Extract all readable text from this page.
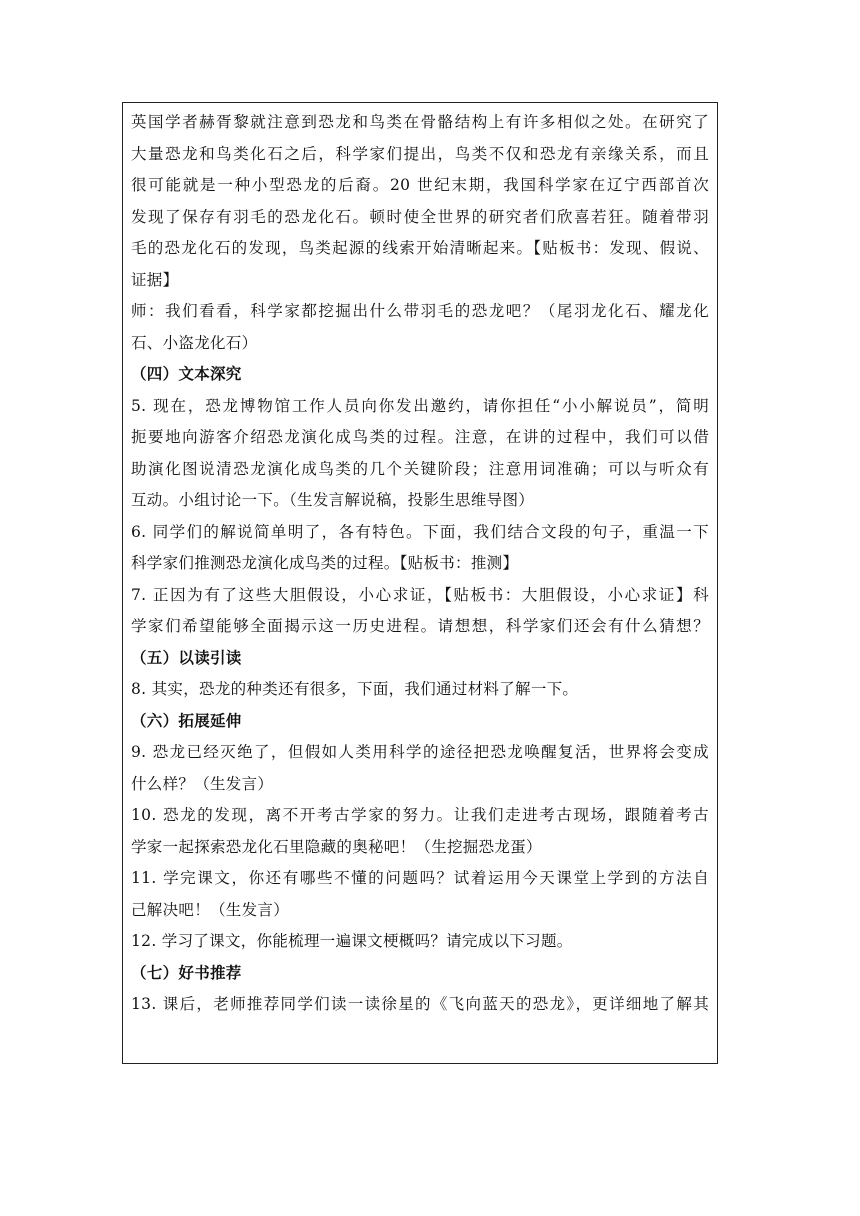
英国学者赫胥黎就注意到恐龙和鸟类在骨骼结构上有许多相似之处。在研究了
大量恐龙和鸟类化石之后，科学家们提出，鸟类不仅和恐龙有亲缘关系，而且
很可能就是一种小型恐龙的后裔。20 世纪末期，我国科学家在辽宁西部首次
发现了保存有羽毛的恐龙化石。顿时使全世界的研究者们欣喜若狂。随着带羽
毛的恐龙化石的发现，鸟类起源的线索开始清晰起来。【贴板书：发现、假说、
证据】
师：我们看看，科学家都挖掘出什么带羽毛的恐龙吧？（尾羽龙化石、耀龙化
石、小盗龙化石）
（四）文本深究
5. 现在，恐龙博物馆工作人员向你发出邀约，请你担任“小小解说员”，简明
扼要地向游客介绍恐龙演化成鸟类的过程。注意，在讲的过程中，我们可以借
助演化图说清恐龙演化成鸟类的几个关键阶段；注意用词准确；可以与听众有
互动。小组讨论一下。（生发言解说稿，投影生思维导图）
6. 同学们的解说简单明了，各有特色。下面，我们结合文段的句子，重温一下
科学家们推测恐龙演化成鸟类的过程。【贴板书：推测】
7. 正因为有了这些大胆假设，小心求证，【贴板书：大胆假设，小心求证】科
学家们希望能够全面揭示这一历史进程。请想想，科学家们还会有什么猜想？
（五）以读引读
8. 其实，恐龙的种类还有很多，下面，我们通过材料了解一下。
（六）拓展延伸
9. 恐龙已经灭绝了，但假如人类用科学的途径把恐龙唤醒复活，世界将会变成
什么样？（生发言）
10. 恐龙的发现，离不开考古学家的努力。让我们走进考古现场，跟随着考古
学家一起探索恐龙化石里隐藏的奥秘吧！（生挖掘恐龙蛋）
11. 学完课文，你还有哪些不懂的问题吗？试着运用今天课堂上学到的方法自
己解决吧！（生发言）
12. 学习了课文，你能梳理一遍课文梗概吗？请完成以下习题。
（七）好书推荐
13. 课后，老师推荐同学们读一读徐星的《飞向蓝天的恐龙》，更详细地了解其
